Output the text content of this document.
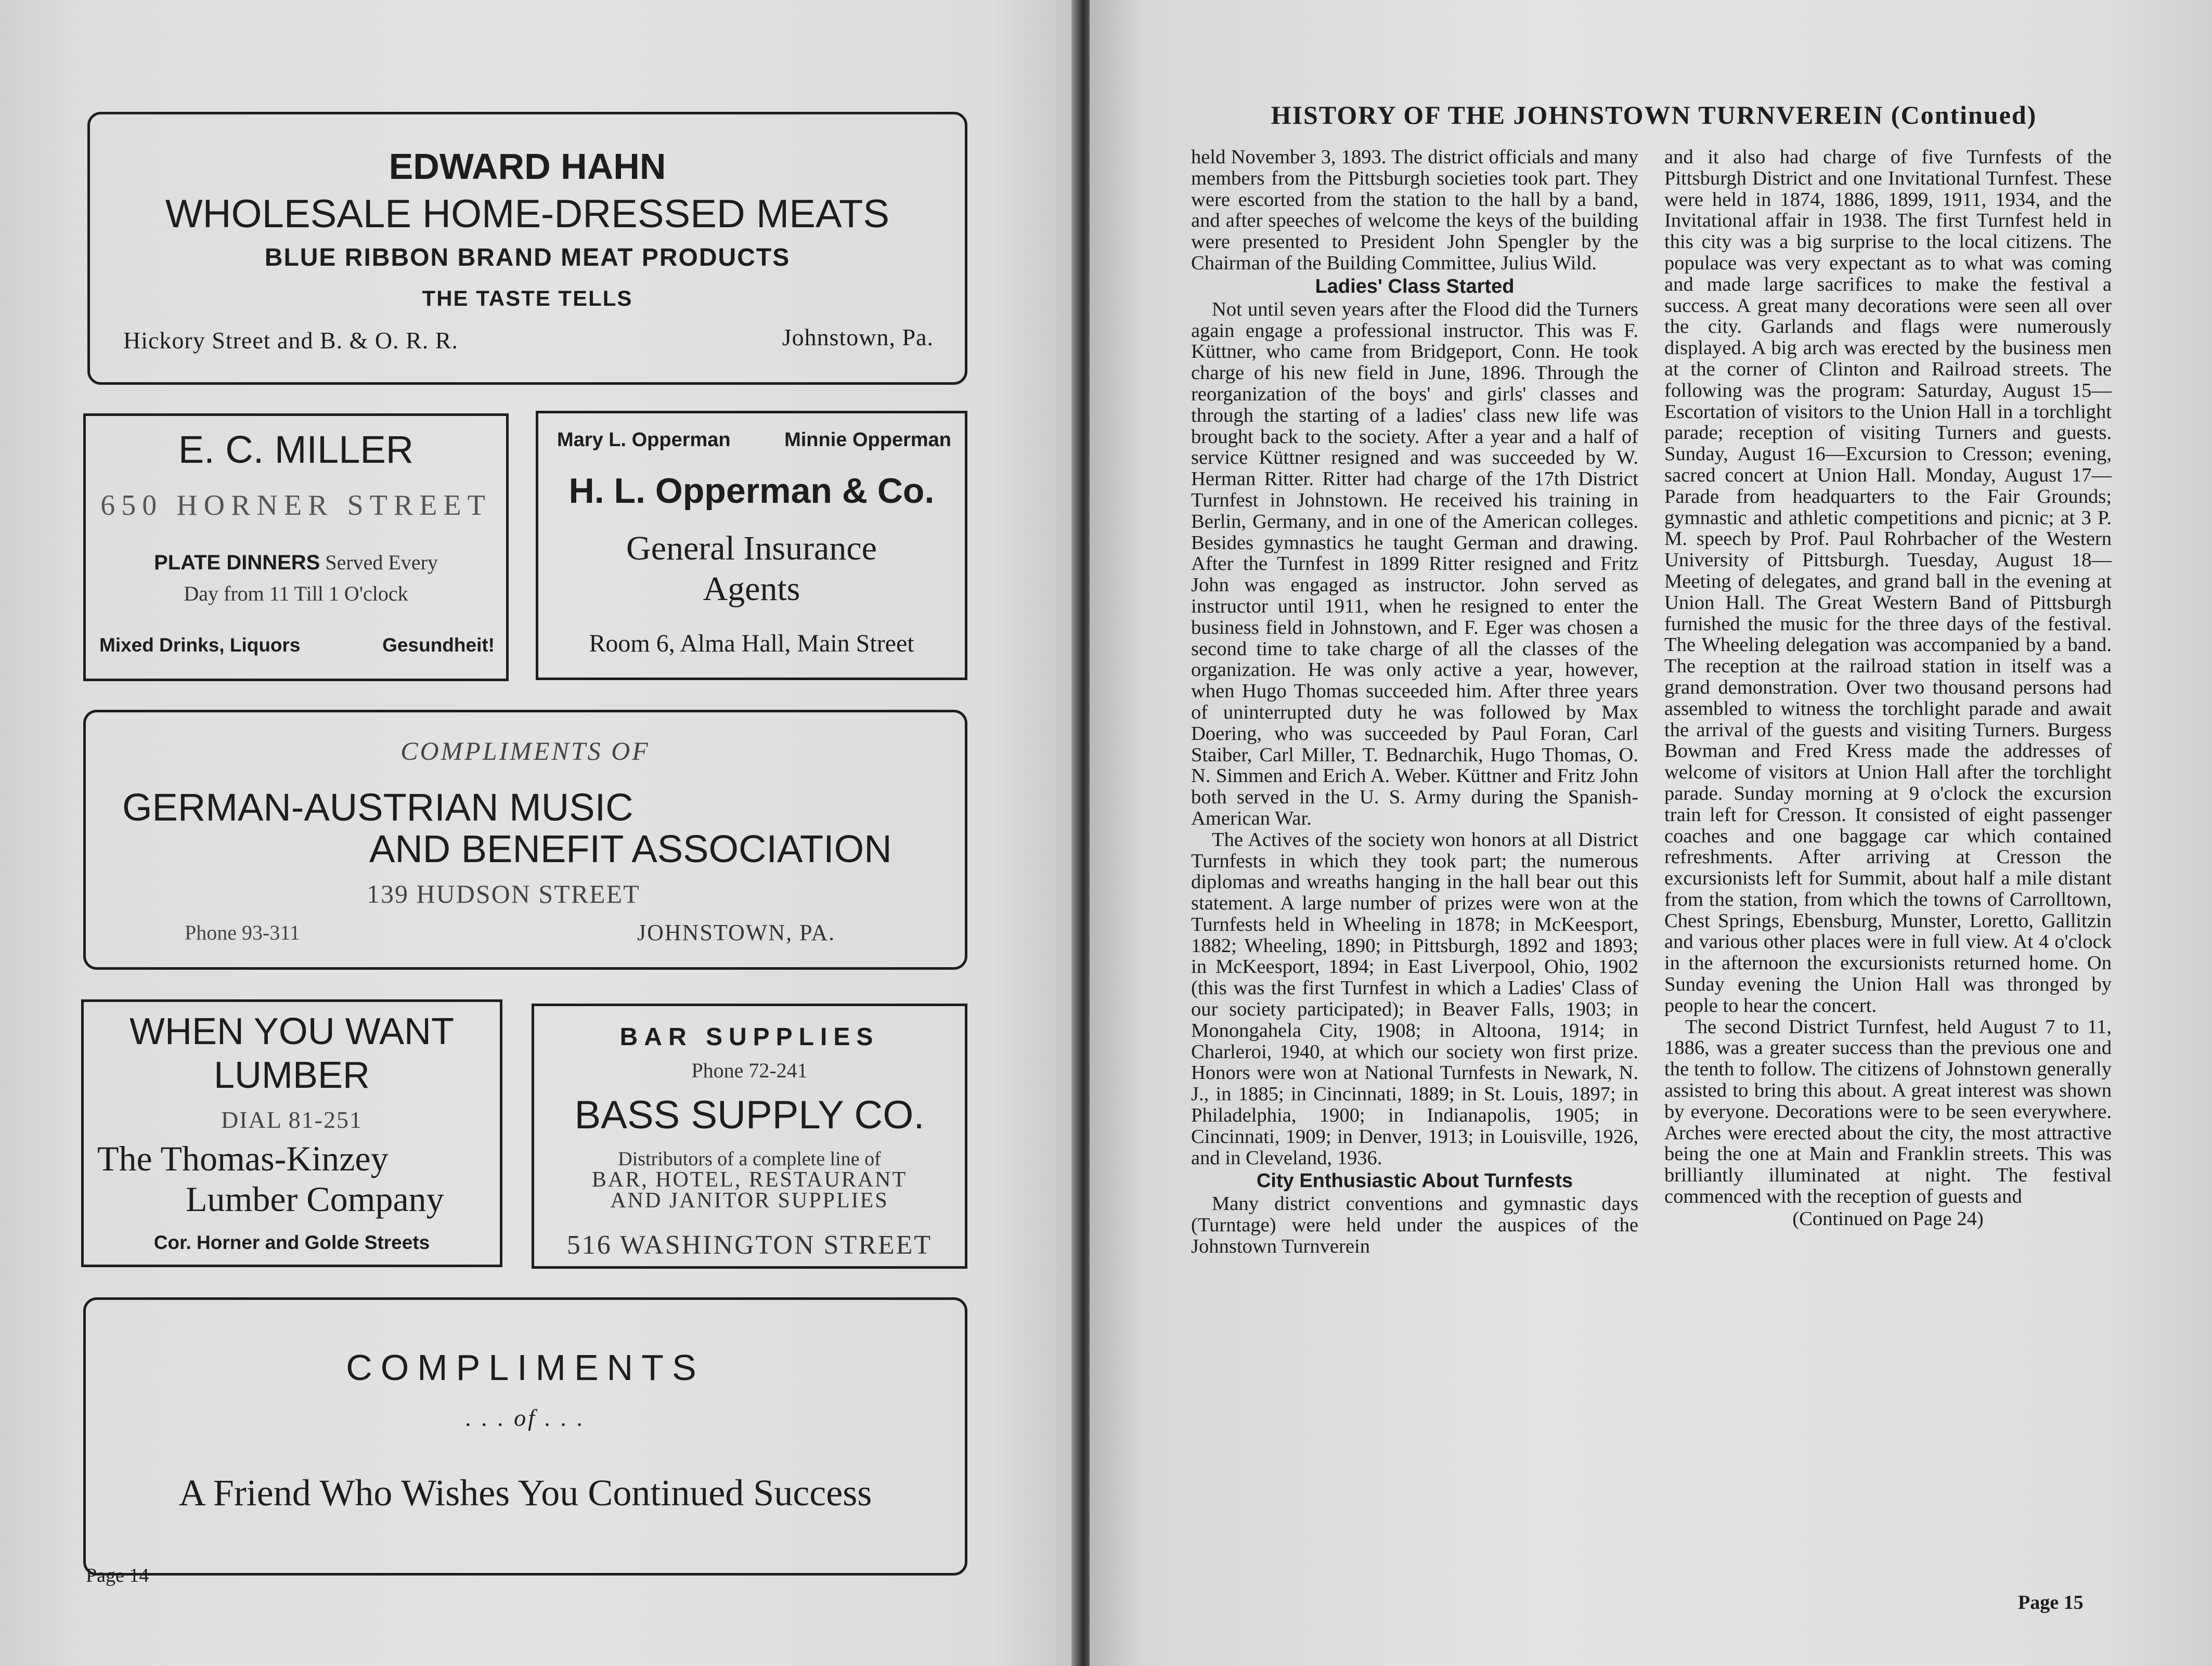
EDWARD HAHN
WHOLESALE HOME-DRESSED MEATS
BLUE RIBBON BRAND MEAT PRODUCTS
THE TASTE TELLS
Hickory Street and B. & O. R. R.	Johnstown, Pa.
E. C. MILLER
650 HORNER STREET
PLATE DINNERS Served Every
Day from 11 Till 1 O'clock
Mixed Drinks, Liquors	Gesundheit!
Mary L. Opperman	Minnie Opperman
H. L. Opperman & Co.
General Insurance
Agents
Room 6, Alma Hall, Main Street
COMPLIMENTS OF
GERMAN-AUSTRIAN MUSIC
AND BENEFIT ASSOCIATION
139 HUDSON STREET
Phone 93-311	JOHNSTOWN, PA.
WHEN YOU WANT
LUMBER
DIAL 81-251
The Thomas-Kinzey
Lumber Company
Cor. Horner and Golde Streets
BAR SUPPLIES
Phone 72-241
BASS SUPPLY CO.
Distributors of a complete line of
BAR, HOTEL, RESTAURANT
AND JANITOR SUPPLIES
516 WASHINGTON STREET
COMPLIMENTS
. . . of . . .
A Friend Who Wishes You Continued Success
Page 14
HISTORY OF THE JOHNSTOWN TURNVEREIN (Continued)

held November 3, 1893. The district officials and many members from the Pittsburgh societies took part. They were escorted from the station to the hall by a band, and after speeches of welcome the keys of the building were presented to President John Spengler by the Chairman of the Building Committee, Julius Wild.

Ladies' Class Started

Not until seven years after the Flood did the Turners again engage a professional instructor. This was F. Küttner, who came from Bridgeport, Conn. He took charge of his new field in June, 1896. Through the reorganization of the boys' and girls' classes and through the starting of a ladies' class new life was brought back to the society. After a year and a half of service Küttner resigned and was succeeded by W. Herman Ritter. Ritter had charge of the 17th District Turnfest in Johnstown. He received his training in Berlin, Germany, and in one of the American colleges. Besides gymnastics he taught German and drawing. After the Turnfest in 1899 Ritter resigned and Fritz John was engaged as instructor. John served as instructor until 1911, when he resigned to enter the business field in Johnstown, and F. Eger was chosen a second time to take charge of all the classes of the organization. He was only active a year, however, when Hugo Thomas succeeded him. After three years of uninterrupted duty he was followed by Max Doering, who was succeeded by Paul Foran, Carl Staiber, Carl Miller, T. Bednarchik, Hugo Thomas, O. N. Simmen and Erich A. Weber. Küttner and Fritz John both served in the U. S. Army during the Spanish-American War.

The Actives of the society won honors at all District Turnfests in which they took part; the numerous diplomas and wreaths hanging in the hall bear out this statement. A large number of prizes were won at the Turnfests held in Wheeling in 1878; in McKeesport, 1882; Wheeling, 1890; in Pittsburgh, 1892 and 1893; in McKeesport, 1894; in East Liverpool, Ohio, 1902 (this was the first Turnfest in which a Ladies' Class of our society participated); in Beaver Falls, 1903; in Monongahela City, 1908; in Altoona, 1914; in Charleroi, 1940, at which our society won first prize. Honors were won at National Turnfests in Newark, N. J., in 1885; in Cincinnati, 1889; in St. Louis, 1897; in Philadelphia, 1900; in Indianapolis, 1905; in Cincinnati, 1909; in Denver, 1913; in Louisville, 1926, and in Cleveland, 1936.

City Enthusiastic About Turnfests

Many district conventions and gymnastic days (Turntage) were held under the auspices of the Johnstown Turnverein

and it also had charge of five Turnfests of the Pittsburgh District and one Invitational Turnfest. These were held in 1874, 1886, 1899, 1911, 1934, and the Invitational affair in 1938. The first Turnfest held in this city was a big surprise to the local citizens. The populace was very expectant as to what was coming and made large sacrifices to make the festival a success. A great many decorations were seen all over the city. Garlands and flags were numerously displayed. A big arch was erected by the business men at the corner of Clinton and Railroad streets. The following was the program: Saturday, August 15—Escortation of visitors to the Union Hall in a torchlight parade; reception of visiting Turners and guests. Sunday, August 16—Excursion to Cresson; evening, sacred concert at Union Hall. Monday, August 17—Parade from headquarters to the Fair Grounds; gymnastic and athletic competitions and picnic; at 3 P. M. speech by Prof. Paul Rohrbacher of the Western University of Pittsburgh. Tuesday, August 18—Meeting of delegates, and grand ball in the evening at Union Hall. The Great Western Band of Pittsburgh furnished the music for the three days of the festival. The Wheeling delegation was accompanied by a band. The reception at the railroad station in itself was a grand demonstration. Over two thousand persons had assembled to witness the torchlight parade and await the arrival of the guests and visiting Turners. Burgess Bowman and Fred Kress made the addresses of welcome of visitors at Union Hall after the torchlight parade. Sunday morning at 9 o'clock the excursion train left for Cresson. It consisted of eight passenger coaches and one baggage car which contained refreshments. After arriving at Cresson the excursionists left for Summit, about half a mile distant from the station, from which the towns of Carrolltown, Chest Springs, Ebensburg, Munster, Loretto, Gallitzin and various other places were in full view. At 4 o'clock in the afternoon the excursionists returned home. On Sunday evening the Union Hall was thronged by people to hear the concert.

The second District Turnfest, held August 7 to 11, 1886, was a greater success than the previous one and the tenth to follow. The citizens of Johnstown generally assisted to bring this about. A great interest was shown by everyone. Decorations were to be seen everywhere. Arches were erected about the city, the most attractive being the one at Main and Franklin streets. This was brilliantly illuminated at night. The festival commenced with the reception of guests and

(Continued on Page 24)
Page 15
